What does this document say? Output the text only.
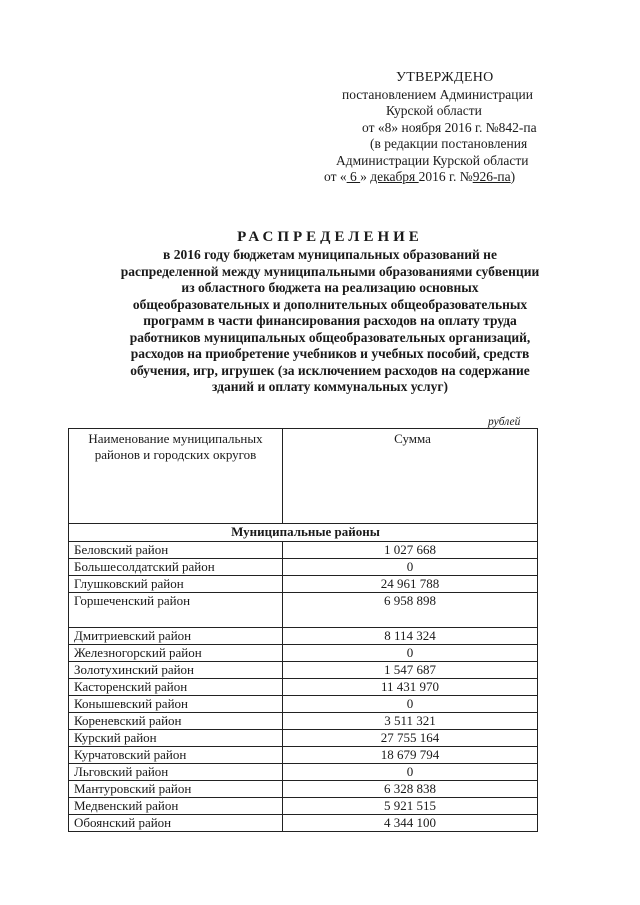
УТВЕРЖДЕНО
постановлением Администрации
Курской области
от «8» ноября 2016 г. №842-па
(в редакции постановления
Администрации Курской области
от « 6 » декабря 2016 г. №926-па)
РАСПРЕДЕЛЕНИЕ
в 2016 году бюджетам муниципальных образований не
распределенной между муниципальными образованиями субвенции
из областного бюджета на реализацию основных
общеобразовательных и дополнительных общеобразовательных
программ в части финансирования расходов на оплату труда
работников муниципальных общеобразовательных организаций,
расходов на приобретение учебников и учебных пособий, средств
обучения, игр, игрушек (за исключением расходов на содержание
зданий и оплату коммунальных услуг)
рублей
Наименование муниципальных районов и городских округов	Сумма
Муниципальные районы	
Беловский район	1 027 668
Большесолдатский район	0
Глушковский район	24 961 788
Горшеченский район	6 958 898
Дмитриевский район	8 114 324
Железногорский район	0
Золотухинский район	1 547 687
Касторенский район	11 431 970
Конышевский район	0
Кореневский район	3 511 321
Курский район	27 755 164
Курчатовский район	18 679 794
Льговский район	0
Мантуровский район	6 328 838
Медвенский район	5 921 515
Обоянский район	4 344 100
